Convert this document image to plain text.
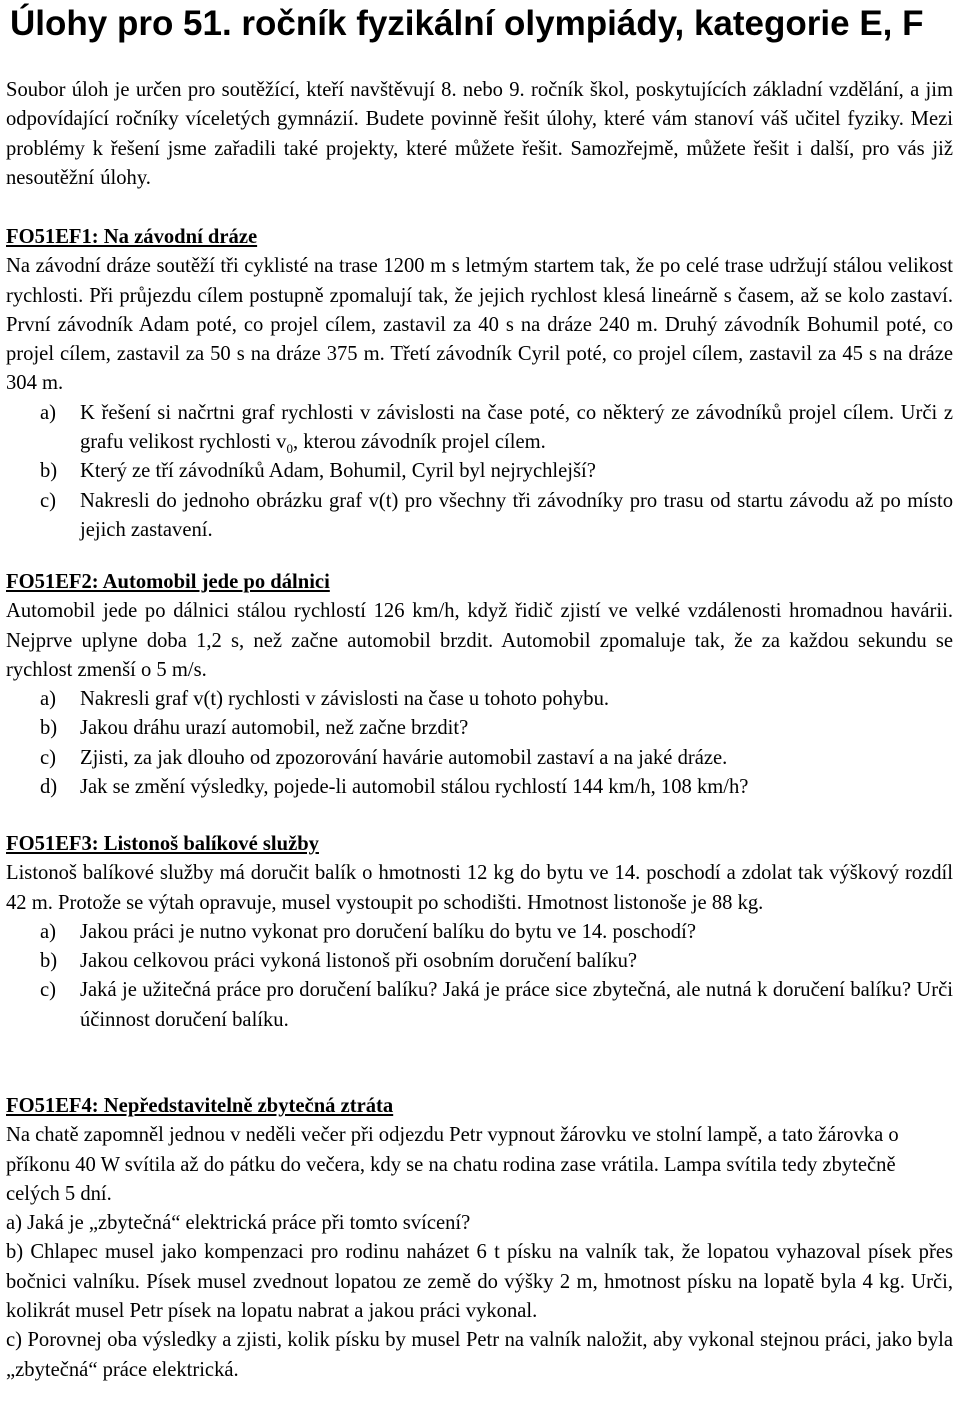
Úlohy pro 51. ročník fyzikální olympiády, kategorie E, F

Soubor úloh je určen pro soutěžící, kteří navštěvují 8. nebo 9. ročník škol, poskytujících základní vzdělání, a jim odpovídající ročníky víceletých gymnázií. Budete povinně řešit úlohy, které vám stanoví váš učitel fyziky. Mezi problémy k řešení jsme zařadili také projekty, které můžete řešit. Samozřejmě, můžete řešit i další, pro vás již nesoutěžní úlohy.

FO51EF1: Na závodní dráze

Na závodní dráze soutěží tři cyklisté na trase 1200 m s letmým startem tak, že po celé trase udržují stálou velikost rychlosti. Při průjezdu cílem postupně zpomalují tak, že jejich rychlost klesá lineárně s časem, až se kolo zastaví. První závodník Adam poté, co projel cílem, zastavil za 40 s na dráze 240 m. Druhý závodník Bohumil poté, co projel cílem, zastavil za 50 s na dráze 375 m. Třetí závodník Cyril poté, co projel cílem, zastavil za 45 s na dráze 304 m.

a) K řešení si načrtni graf rychlosti v závislosti na čase poté, co některý ze závodníků projel cílem. Urči z grafu velikost rychlosti $v_0$, kterou závodník projel cílem.
b) Který ze tří závodníků Adam, Bohumil, Cyril byl nejrychlejší?
c) Nakresli do jednoho obrázku graf v(t) pro všechny tři závodníky pro trasu od startu závodu až po místo jejich zastavení.
FO51EF2: Automobil jede po dálnici

Automobil jede po dálnici stálou rychlostí 126 km/h, když řidič zjistí ve velké vzdálenosti hromadnou havárii. Nejprve uplyne doba 1,2 s, než začne automobil brzdit. Automobil zpomaluje tak, že za každou sekundu se rychlost zmenší o 5 m/s.

a) Nakresli graf v(t) rychlosti v závislosti na čase u tohoto pohybu.
b) Jakou dráhu urazí automobil, než začne brzdit?
c) Zjisti, za jak dlouho od zpozorování havárie automobil zastaví a na jaké dráze.
d) Jak se změní výsledky, pojede-li automobil stálou rychlostí 144 km/h, 108 km/h?
FO51EF3: Listonoš balíkové služby

Listonoš balíkové služby má doručit balík o hmotnosti 12 kg do bytu ve 14. poschodí a zdolat tak výškový rozdíl 42 m. Protože se výtah opravuje, musel vystoupit po schodišti. Hmotnost listonoše je 88 kg.

a) Jakou práci je nutno vykonat pro doručení balíku do bytu ve 14. poschodí?
b) Jakou celkovou práci vykoná listonoš při osobním doručení balíku?
c) Jaká je užitečná práce pro doručení balíku? Jaká je práce sice zbytečná, ale nutná k doručení balíku? Urči účinnost doručení balíku.
FO51EF4: Nepředstavitelně zbytečná ztráta

Na chatě zapomněl jednou v neděli večer při odjezdu Petr vypnout žárovku ve stolní lampě, a tato žárovka o příkonu 40 W svítila až do pátku do večera, kdy se na chatu rodina zase vrátila. Lampa svítila tedy zbytečně celých 5 dní.

a) Jaká je „zbytečná“ elektrická práce při tomto svícení?

b) Chlapec musel jako kompenzaci pro rodinu naházet 6 t písku na valník tak, že lopatou vyhazoval písek přes bočnici valníku. Písek musel zvednout lopatou ze země do výšky 2 m, hmotnost písku na lopatě byla 4 kg. Urči, kolikrát musel Petr písek na lopatu nabrat a jakou práci vykonal.

c) Porovnej oba výsledky a zjisti, kolik písku by musel Petr na valník naložit, aby vykonal stejnou práci, jako byla „zbytečná“ práce elektrická.
